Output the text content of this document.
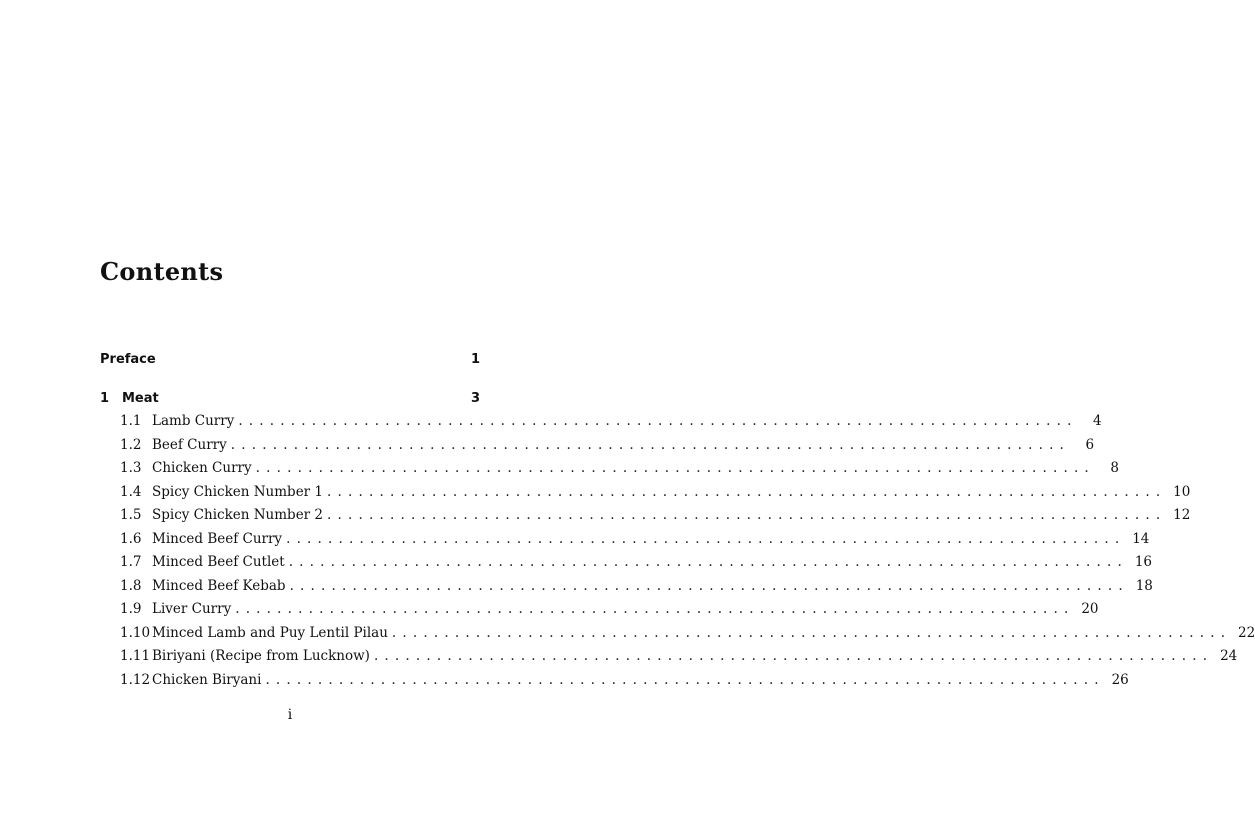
Contents
Preface	1
1 Meat	3
1.1 Lamb Curry ................................................................................	4
1.2 Beef Curry ................................................................................	6
1.3 Chicken Curry ................................................................................	8
1.4 Spicy Chicken Number 1 ................................................................................ 10
1.5 Spicy Chicken Number 2 ................................................................................ 12
1.6 Minced Beef Curry ................................................................................ 14
1.7 Minced Beef Cutlet ................................................................................ 16
1.8 Minced Beef Kebab ................................................................................ 18
1.9 Liver Curry ................................................................................ 20
1.10 Minced Lamb and Puy Lentil Pilau ................................................................................ 22
1.11 Biriyani (Recipe from Lucknow) ................................................................................ 24
1.12 Chicken Biryani ................................................................................ 26
i
